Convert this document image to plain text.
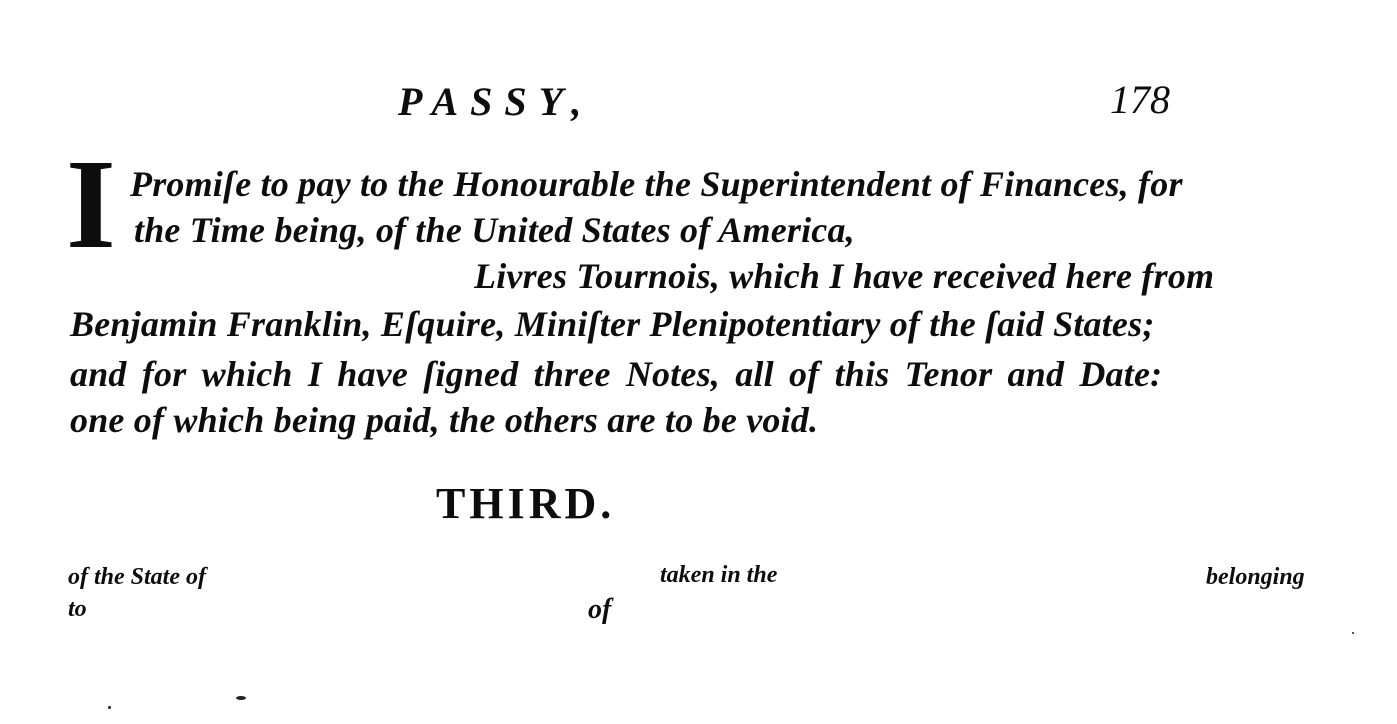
PASSY,	178
I Promiſe to pay to the Honourable the Superintendent of Finances, for
the Time being, of the United States of America,
Livres Tournois, which I have received here from
Benjamin Franklin, Eſquire, Miniſter Plenipotentiary of the ſaid States;
and for which I have ſigned three Notes, all of this Tenor and Date:
one of which being paid, the others are to be void.
THIRD.
of the State of	taken in the	belonging
to	of
